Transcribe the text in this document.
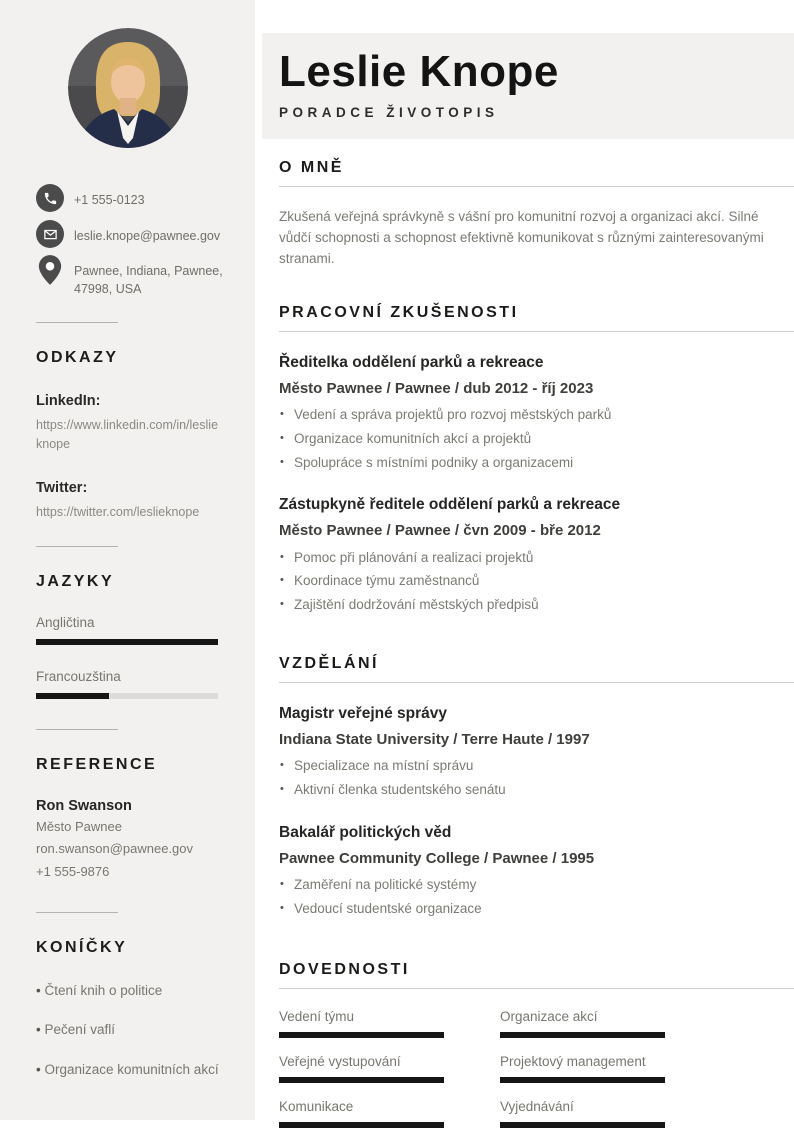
+1 555-0123
leslie.knope@pawnee.gov
Pawnee, Indiana, Pawnee, 47998, USA
ODKAZY
LinkedIn:
https://www.linkedin.com/in/leslieknope
Twitter:
https://twitter.com/leslieknope
JAZYKY
Angličtina
Francouzština
REFERENCE
Ron Swanson
Město Pawnee
ron.swanson@pawnee.gov
+1 555-9876
KONÍČKY
• Čtení knih o politice
• Pečení vaflí
• Organizace komunitních akcí
Leslie Knope
PORADCE ŽIVOTOPIS
O MNĚ

Zkušená veřejná správkyně s vášní pro komunitní rozvoj a organizaci akcí. Silné vůdčí schopnosti a schopnost efektivně komunikovat s různými zainteresovanými stranami.

PRACOVNÍ ZKUŠENOSTI
Ředitelka oddělení parků a rekreace
Město Pawnee / Pawnee / dub 2012 - říj 2023
• Vedení a správa projektů pro rozvoj městských parků
• Organizace komunitních akcí a projektů
• Spolupráce s místními podniky a organizacemi
Zástupkyně ředitele oddělení parků a rekreace
Město Pawnee / Pawnee / čvn 2009 - bře 2012
• Pomoc při plánování a realizaci projektů
• Koordinace týmu zaměstnanců
• Zajištění dodržování městských předpisů
VZDĚLÁNÍ
Magistr veřejné správy
Indiana State University / Terre Haute / 1997
• Specializace na místní správu
• Aktivní členka studentského senátu
Bakalář politických věd
Pawnee Community College / Pawnee / 1995
• Zaměření na politické systémy
• Vedoucí studentské organizace
DOVEDNOSTI
Vedení týmu	Organizace akcí
Veřejné vystupování	Projektový management
Komunikace	Vyjednávání
